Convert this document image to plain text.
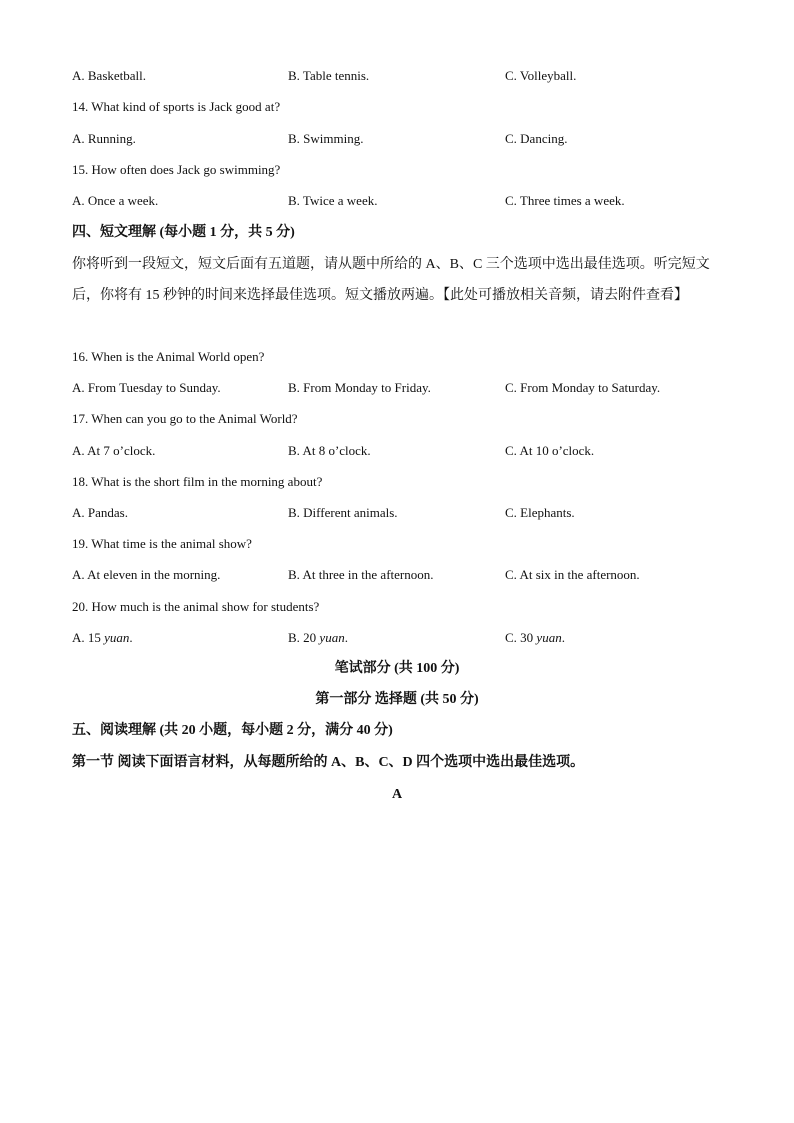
A. Basketball.	B. Table tennis.	C. Volleyball.
14. What kind of sports is Jack good at?
A. Running.	B. Swimming.	C. Dancing.
15. How often does Jack go swimming?
A. Once a week.	B. Twice a week.	C. Three times a week.
四、短文理解 (每小题 1 分，共 5 分)
你将听到一段短文，短文后面有五道题，请从题中所给的 A、B、C 三个选项中选出最佳选项。听完短文
后，你将有 15 秒钟的时间来选择最佳选项。短文播放两遍。【此处可播放相关音频，请去附件查看】
16. When is the Animal World open?
A. From Tuesday to Sunday.	B. From Monday to Friday.	C. From Monday to Saturday.
17. When can you go to the Animal World?
A. At 7 o’clock.	B. At 8 o’clock.	C. At 10 o’clock.
18. What is the short film in the morning about?
A. Pandas.	B. Different animals.	C. Elephants.
19. What time is the animal show?
A. At eleven in the morning.	B. At three in the afternoon.	C. At six in the afternoon.
20. How much is the animal show for students?
A. 15 yuan.	B. 20 yuan.	C. 30 yuan.
笔试部分 (共 100 分)
第一部分 选择题 (共 50 分)
五、阅读理解 (共 20 小题，每小题 2 分，满分 40 分)
第一节 阅读下面语言材料，从每题所给的 A、B、C、D 四个选项中选出最佳选项。
A
